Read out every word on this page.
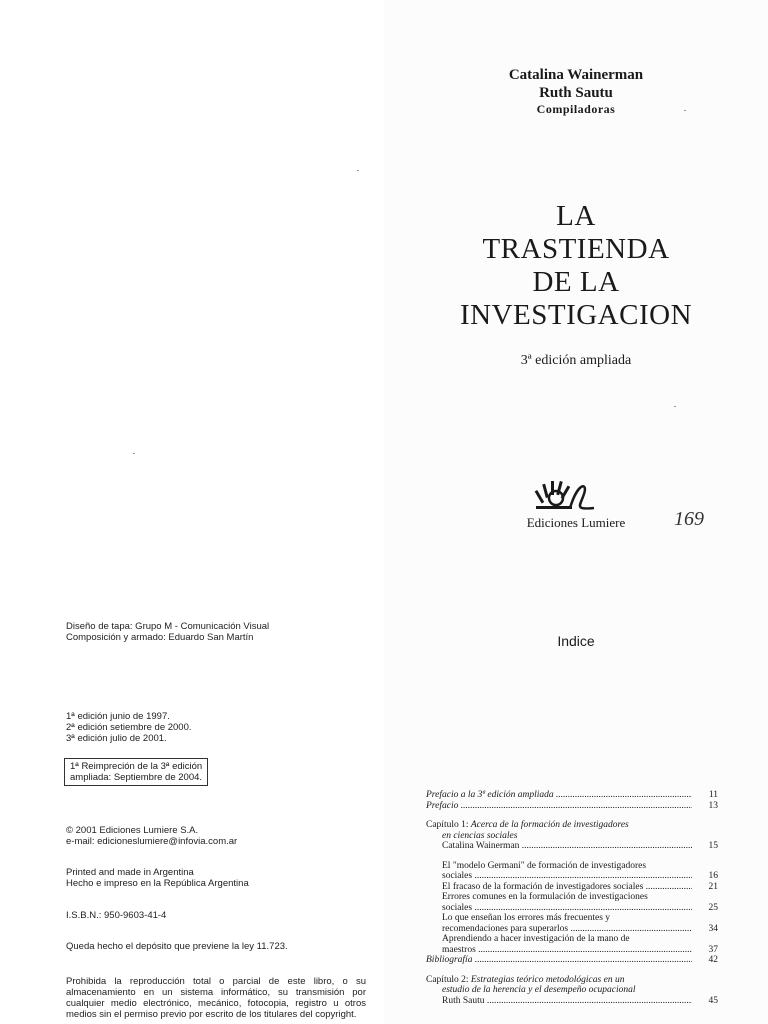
Catalina Wainerman
Ruth Sautu
Compiladoras
LA
TRASTIENDA
DE LA
INVESTIGACION
3ª edición ampliada
Ediciones Lumiere	169
Diseño de tapa: Grupo M - Comunicación Visual
Composición y armado: Eduardo San Martín
1ª edición junio de 1997.
2ª edición setiembre de 2000.
3ª edición julio de 2001.
1ª Reimpreción de la 3ª edición
ampliada: Septiembre de 2004.
© 2001 Ediciones Lumiere S.A.
e-mail: edicioneslumiere@infovia.com.ar
Printed and made in Argentina
Hecho e impreso en la República Argentina
I.S.B.N.: 950-9603-41-4
Queda hecho el depósito que previene la ley 11.723.
Prohibida la reproducción total o parcial de este libro, o su almacenamiento en un sistema informático, su transmisión por cualquier medio electrónico, mecánico, fotocopia, registro u otros medios sin el permiso previo por escrito de los titulares del copyright.
Indice
Prefacio a la 3ª edición ampliada .....	11
Prefacio .....	13
Capítulo 1: Acerca de la formación de investigadores
en ciencias sociales
Catalina Wainerman .....	15
El "modelo Germani" de formación de investigadores
sociales .....	16
El fracaso de la formación de investigadores sociales .....	21
Errores comunes en la formulación de investigaciones
sociales .....	25
Lo que enseñan los errores más frecuentes y
recomendaciones para superarlos .....	34
Aprendiendo a hacer investigación de la mano de
maestros .....	37
Bibliografía .....	42
Capítulo 2: Estrategias teórico metodológicas en un
estudio de la herencia y el desempeño ocupacional
Ruth Sautu .....	45
